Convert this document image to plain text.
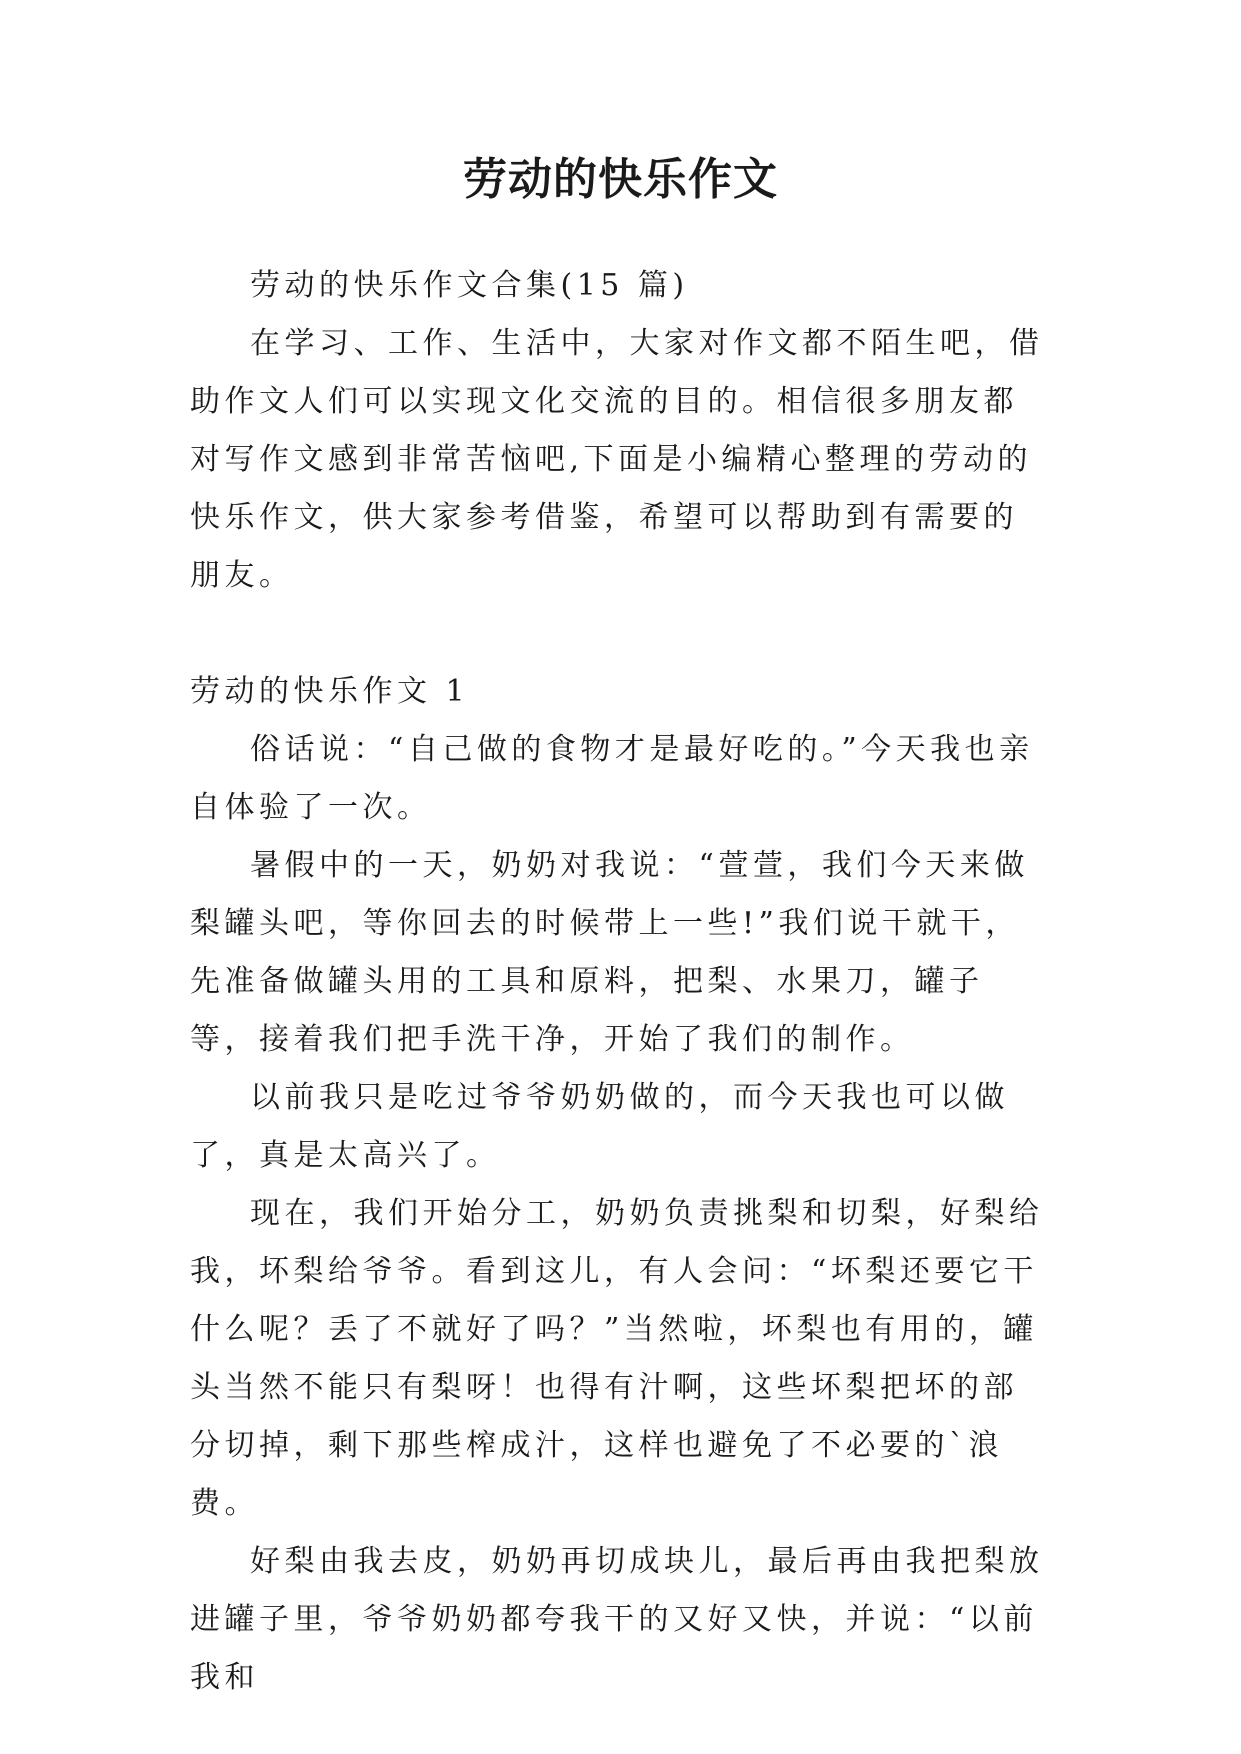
劳动的快乐作文

劳动的快乐作文合集(15 篇)

在学习、工作、生活中，大家对作文都不陌生吧，借助作文人们可以实现文化交流的目的。相信很多朋友都对写作文感到非常苦恼吧,下面是小编精心整理的劳动的快乐作文，供大家参考借鉴，希望可以帮助到有需要的朋友。

劳动的快乐作文 1

俗话说：“自己做的食物才是最好吃的。”今天我也亲自体验了一次。

暑假中的一天，奶奶对我说：“萱萱，我们今天来做梨罐头吧，等你回去的时候带上一些!”我们说干就干，先准备做罐头用的工具和原料，把梨、水果刀，罐子等，接着我们把手洗干净，开始了我们的制作。

以前我只是吃过爷爷奶奶做的，而今天我也可以做了，真是太高兴了。

现在，我们开始分工，奶奶负责挑梨和切梨，好梨给我，坏梨给爷爷。看到这儿，有人会问：“坏梨还要它干什么呢？丢了不就好了吗？”当然啦，坏梨也有用的，罐头当然不能只有梨呀！也得有汁啊，这些坏梨把坏的部分切掉，剩下那些榨成汁，这样也避免了不必要的`浪费。

好梨由我去皮，奶奶再切成块儿，最后再由我把梨放进罐子里，爷爷奶奶都夸我干的又好又快，并说：“以前我和
